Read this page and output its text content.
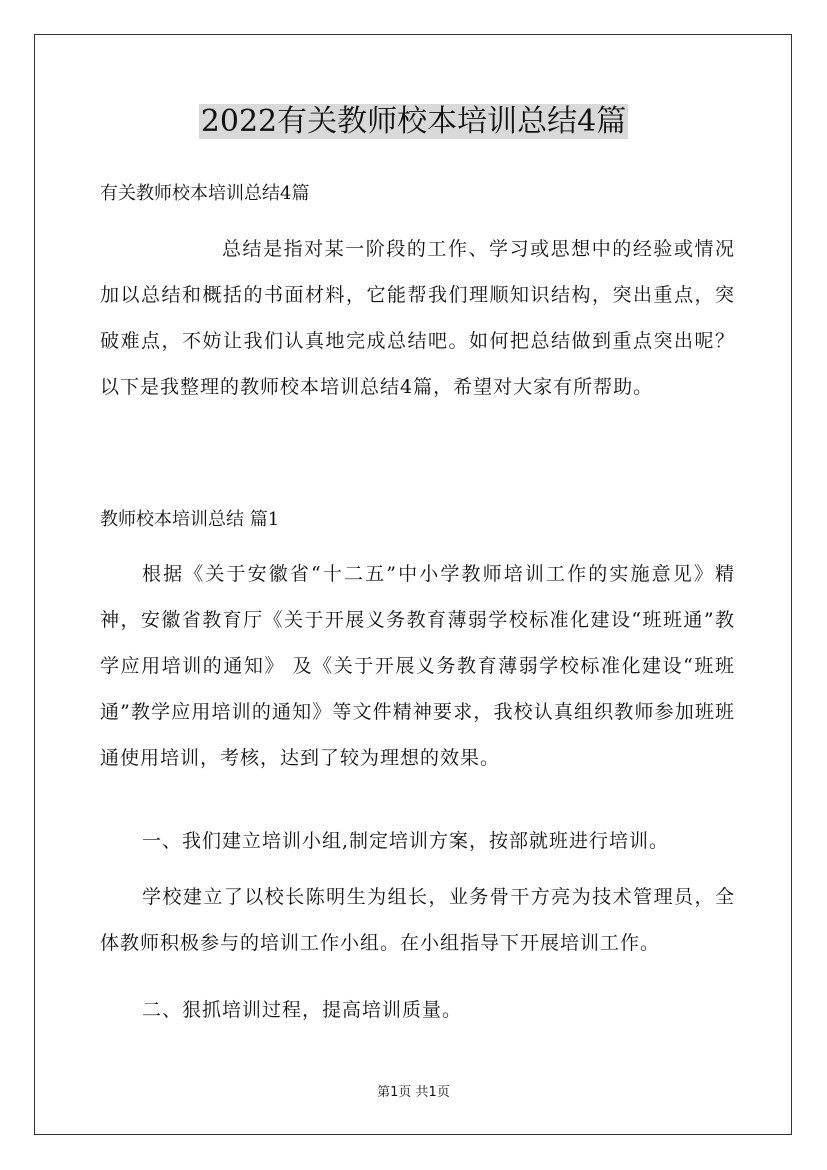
2022有关教师校本培训总结4篇
有关教师校本培训总结4篇

总结是指对某一阶段的工作、学习或思想中的经验或情况加以总结和概括的书面材料，它能帮我们理顺知识结构，突出重点，突破难点，不妨让我们认真地完成总结吧。如何把总结做到重点突出呢？以下是我整理的教师校本培训总结4篇，希望对大家有所帮助。

教师校本培训总结 篇1

根据《关于安徽省“十二五”中小学教师培训工作的实施意见》精神，安徽省教育厅《关于开展义务教育薄弱学校标准化建设“班班通”教学应用培训的通知》 及《关于开展义务教育薄弱学校标准化建设“班班通”教学应用培训的通知》等文件精神要求，我校认真组织教师参加班班通使用培训，考核，达到了较为理想的效果。

一、我们建立培训小组,制定培训方案，按部就班进行培训。

学校建立了以校长陈明生为组长，业务骨干方亮为技术管理员，全体教师积极参与的培训工作小组。在小组指导下开展培训工作。

二、狠抓培训过程，提高培训质量。

第1页 共1页
